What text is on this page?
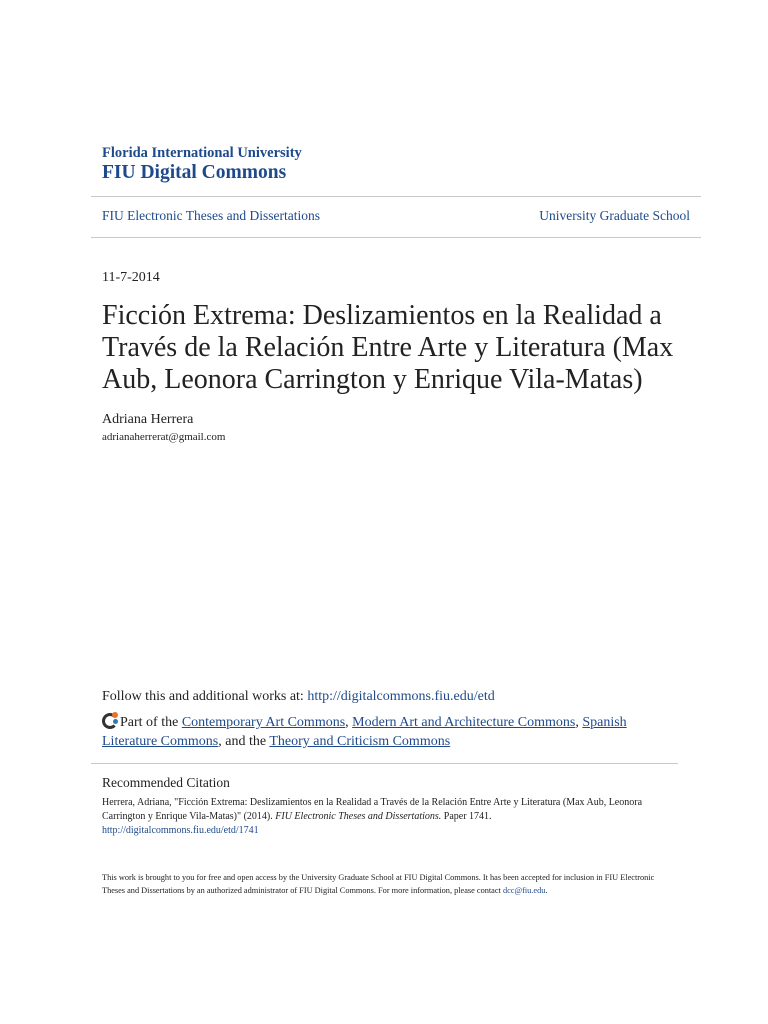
Florida International University
FIU Digital Commons
FIU Electronic Theses and Dissertations	University Graduate School
11-7-2014
Ficción Extrema: Deslizamientos en la Realidad a Través de la Relación Entre Arte y Literatura (Max Aub, Leonora Carrington y Enrique Vila-Matas)
Adriana Herrera
adrianaherrerat@gmail.com
Follow this and additional works at: http://digitalcommons.fiu.edu/etd
Part of the Contemporary Art Commons, Modern Art and Architecture Commons, Spanish Literature Commons, and the Theory and Criticism Commons
Recommended Citation
Herrera, Adriana, "Ficción Extrema: Deslizamientos en la Realidad a Través de la Relación Entre Arte y Literatura (Max Aub, Leonora Carrington y Enrique Vila-Matas)" (2014). FIU Electronic Theses and Dissertations. Paper 1741.
http://digitalcommons.fiu.edu/etd/1741
This work is brought to you for free and open access by the University Graduate School at FIU Digital Commons. It has been accepted for inclusion in FIU Electronic Theses and Dissertations by an authorized administrator of FIU Digital Commons. For more information, please contact dcc@fiu.edu.
